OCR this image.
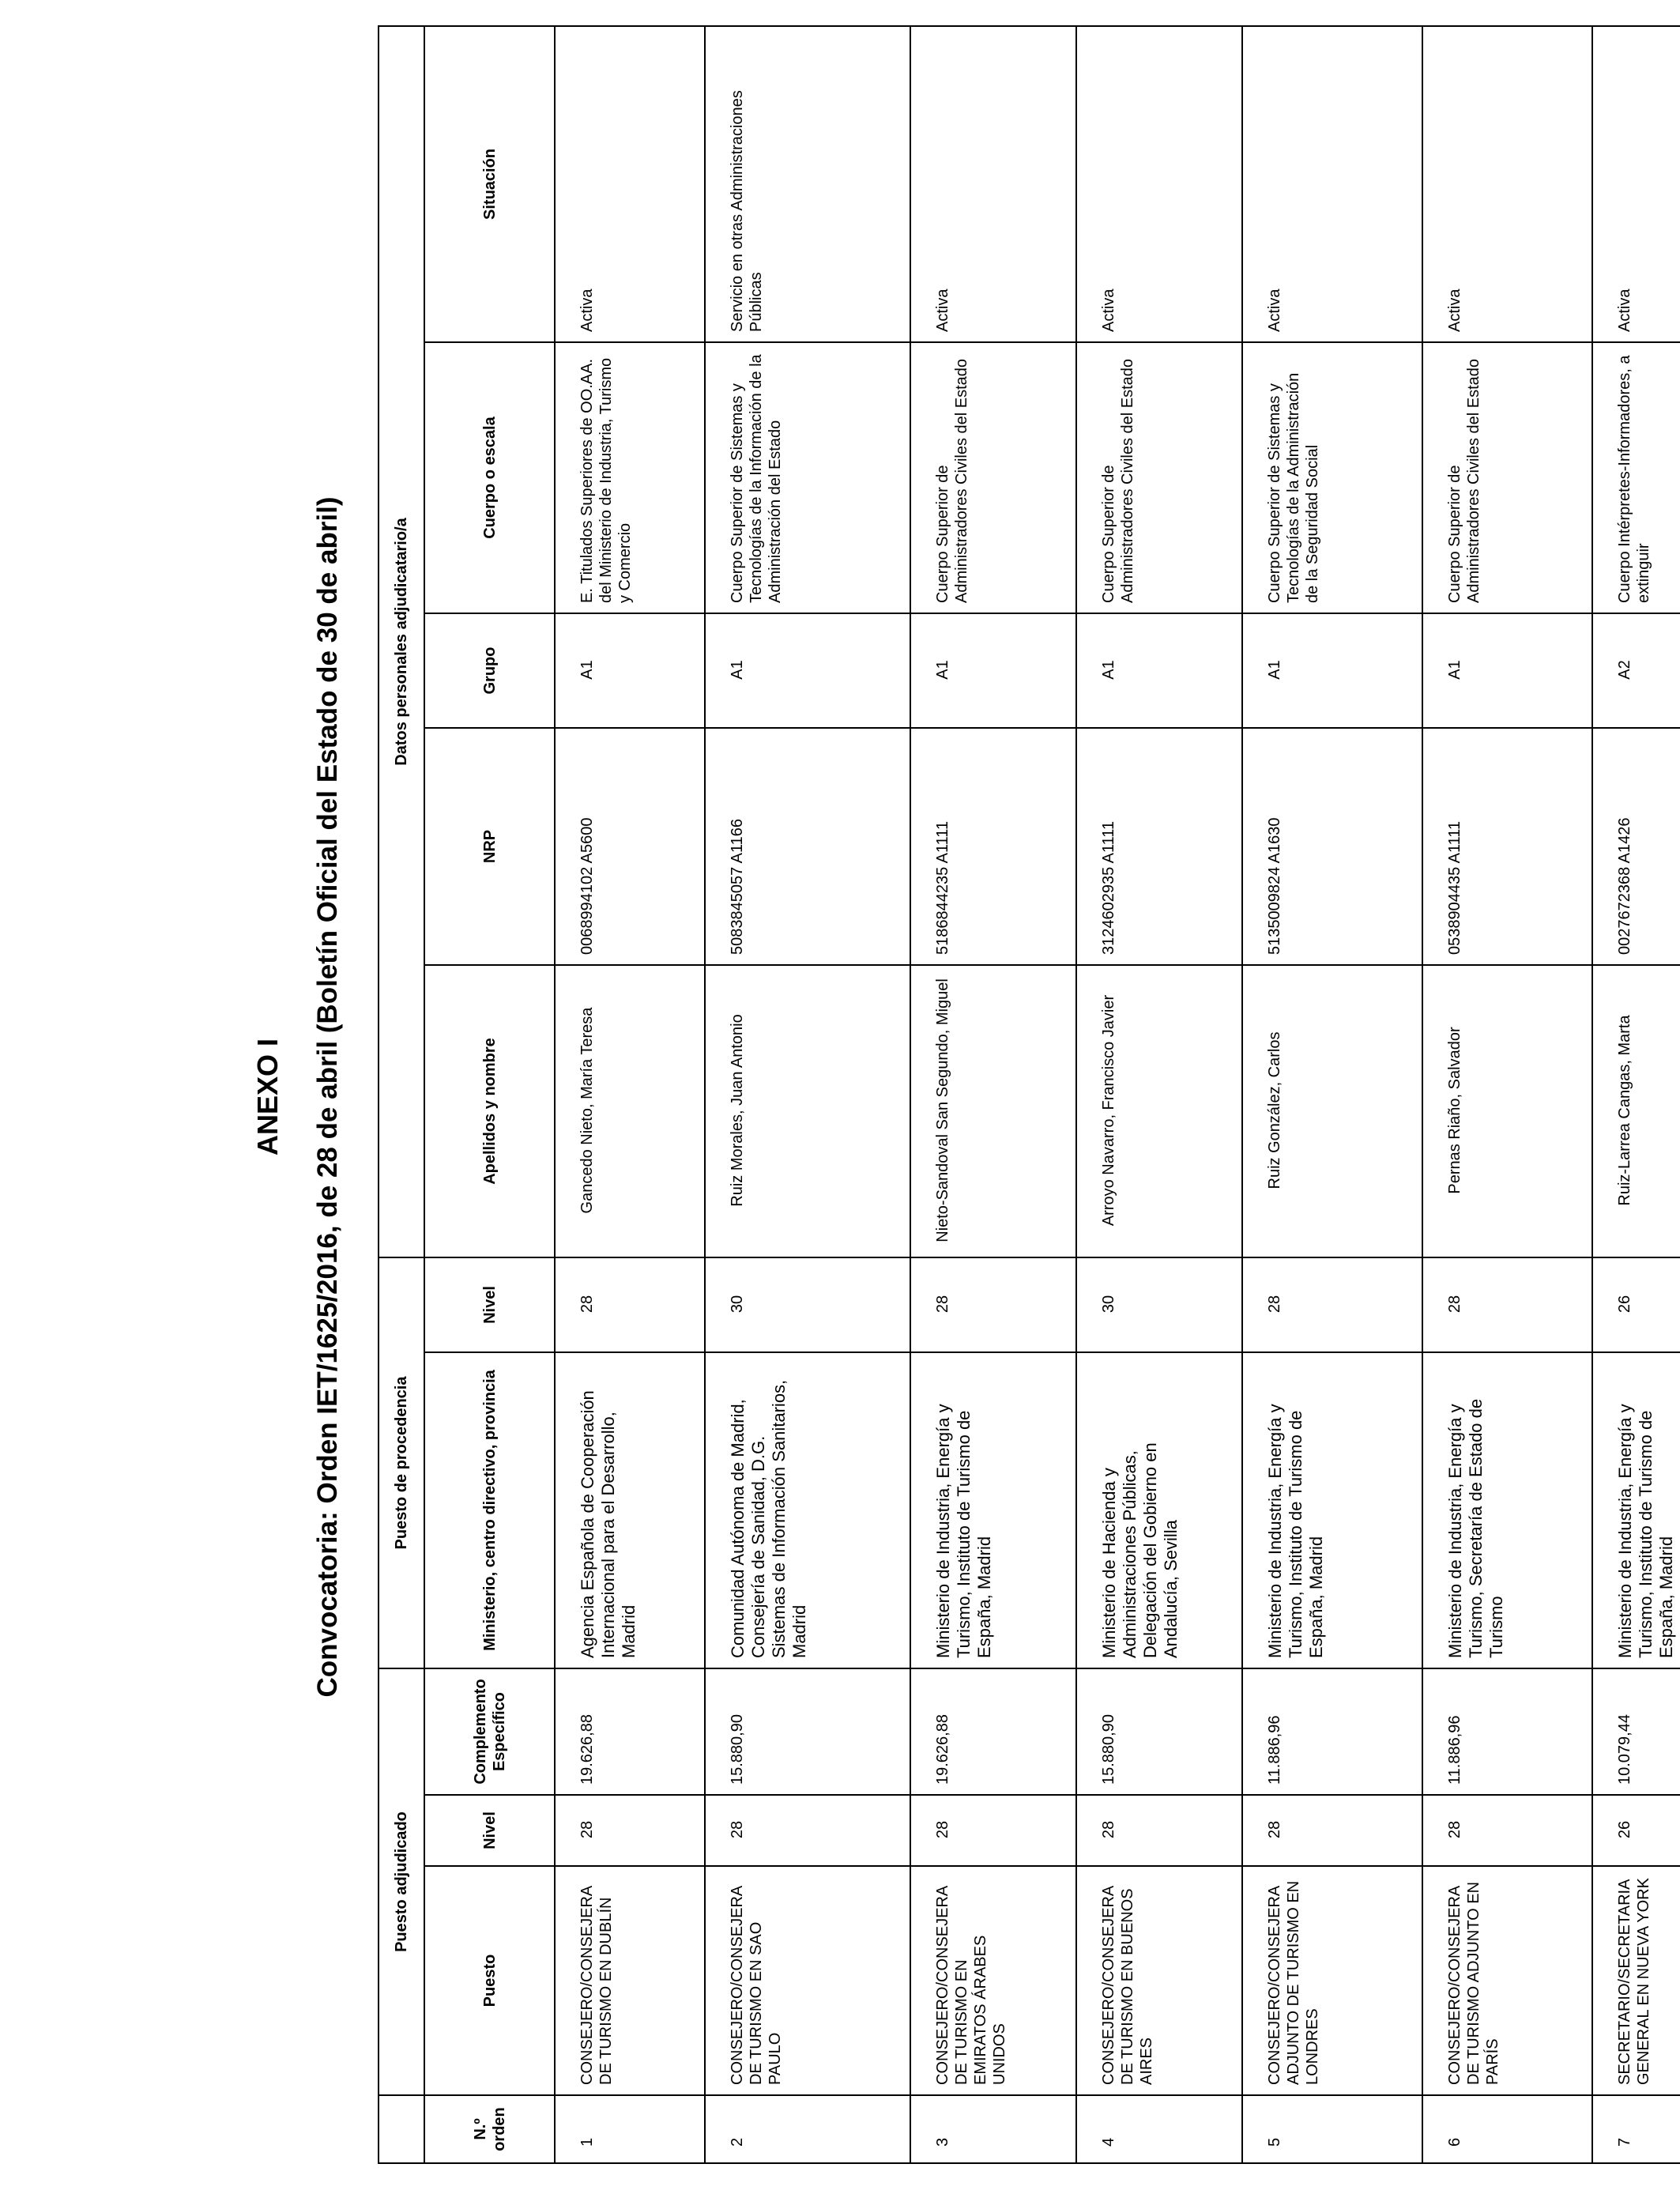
ANEXO I Convocatoria: Orden IET/1625/2016, de 28 de abril (Boletín Oficial del Estado de 30 de abril)
	Puesto adjudicado			Puesto de procedencia		Datos personales adjudicatario/a				
N.º orden	Puesto	Nivel	Complemento Específico	Ministerio, centro directivo, provincia	Nivel	Apellidos y nombre	NRP	Grupo	Cuerpo o escala	Situación
1	CONSEJERO/CONSEJERA DE TURISMO EN DUBLÍN	28	19.626,88	Agencia Española de Cooperación Internacional para el Desarrollo, Madrid	28	Gancedo Nieto, María Teresa	0068994102 A5600	A1	E. Titulados Superiores de OO.AA. del Ministerio de Industria, Turismo y Comercio	Activa
2	CONSEJERO/CONSEJERA DE TURISMO EN SAO PAULO	28	15.880,90	Comunidad Autónoma de Madrid, Consejería de Sanidad, D.G. Sistemas de Información Sanitarios, Madrid	30	Ruiz Morales, Juan Antonio	5083845057 A1166	A1	Cuerpo Superior de Sistemas y Tecnologías de la Información de la Administración del Estado	Servicio en otras Administraciones Públicas
3	CONSEJERO/CONSEJERA DE TURISMO EN EMIRATOS ÁRABES UNIDOS	28	19.626,88	Ministerio de Industria, Energía y Turismo, Instituto de Turismo de España, Madrid	28	Nieto-Sandoval San Segundo, Miguel	5186844235 A1111	A1	Cuerpo Superior de Administradores Civiles del Estado	Activa
4	CONSEJERO/CONSEJERA DE TURISMO EN BUENOS AIRES	28	15.880,90	Ministerio de Hacienda y Administraciones Públicas, Delegación del Gobierno en Andalucía, Sevilla	30	Arroyo Navarro, Francisco Javier	3124602935 A1111	A1	Cuerpo Superior de Administradores Civiles del Estado	Activa
5	CONSEJERO/CONSEJERA ADJUNTO DE TURISMO EN LONDRES	28	11.886,96	Ministerio de Industria, Energía y Turismo, Instituto de Turismo de España, Madrid	28	Ruiz González, Carlos	5135009824 A1630	A1	Cuerpo Superior de Sistemas y Tecnologías de la Administración de la Seguridad Social	Activa
6	CONSEJERO/CONSEJERA DE TURISMO ADJUNTO EN PARÍS	28	11.886,96	Ministerio de Industria, Energía y Turismo, Secretaría de Estado de Turismo	28	Pernas Riaño, Salvador	0538904435 A1111	A1	Cuerpo Superior de Administradores Civiles del Estado	Activa
7	SECRETARIO/SECRETARIA GENERAL EN NUEVA YORK	26	10.079,44	Ministerio de Industria, Energía y Turismo, Instituto de Turismo de España, Madrid	26	Ruiz-Larrea Cangas, Marta	0027672368 A1426	A2	Cuerpo Intérpretes-Informadores, a extinguir	Activa
